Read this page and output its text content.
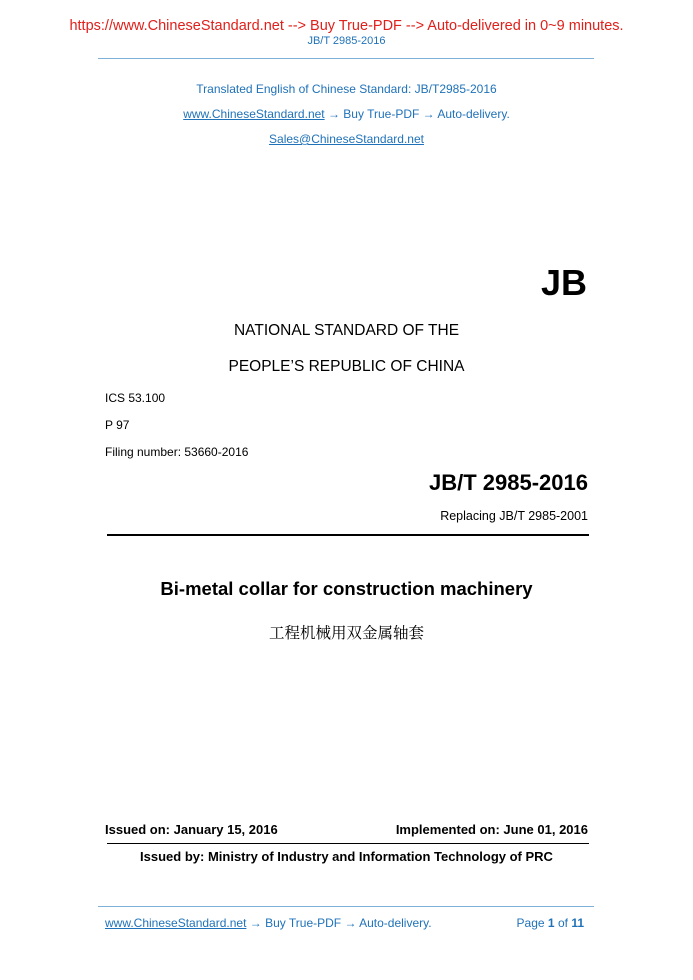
https://www.ChineseStandard.net --> Buy True-PDF --> Auto-delivered in 0~9 minutes.
JB/T 2985-2016
Translated English of Chinese Standard: JB/T2985-2016
www.ChineseStandard.net → Buy True-PDF → Auto-delivery.
Sales@ChineseStandard.net
JB
NATIONAL STANDARD OF THE
PEOPLE’S REPUBLIC OF CHINA
ICS 53.100
P 97
Filing number: 53660-2016
JB/T 2985-2016
Replacing JB/T 2985-2001
Bi-metal collar for construction machinery
工程机械用双金属轴套
Issued on: January 15, 2016	Implemented on: June 01, 2016
Issued by: Ministry of Industry and Information Technology of PRC
www.ChineseStandard.net → Buy True-PDF → Auto-delivery.	Page 1 of 11
